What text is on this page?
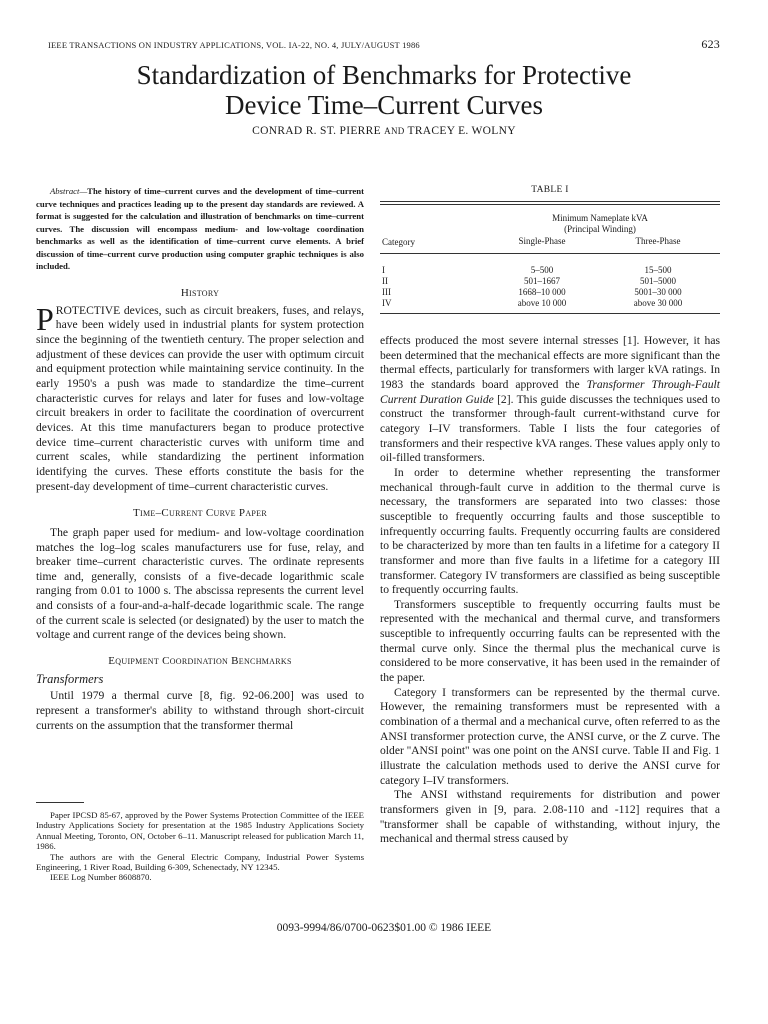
IEEE TRANSACTIONS ON INDUSTRY APPLICATIONS, VOL. IA-22, NO. 4, JULY/AUGUST 1986	623
Standardization of Benchmarks for Protective
Device Time–Current Curves
CONRAD R. ST. PIERRE AND TRACEY E. WOLNY

Abstract—The history of time–current curves and the development of time–current curve techniques and practices leading up to the present day standards are reviewed. A format is suggested for the calculation and illustration of benchmarks on time–current curves. The discussion will encompass medium- and low-voltage coordination benchmarks as well as the identification of time–current curve elements. A brief discussion of time–current curve production using computer graphic techniques is also included.

History

PROTECTIVE devices, such as circuit breakers, fuses, and relays, have been widely used in industrial plants for system protection since the beginning of the twentieth century. The proper selection and adjustment of these devices can provide the user with optimum circuit and equipment protection while maintaining service continuity. In the early 1950's a push was made to standardize the time–current characteristic curves for relays and later for fuses and low-voltage circuit breakers in order to facilitate the coordination of overcurrent devices. At this time manufacturers began to produce protective device time–current characteristic curves with uniform time and current scales, while standardizing the pertinent information identifying the curves. These efforts constitute the basis for the present-day development of time–current characteristic curves.

Time–Current Curve Paper

The graph paper used for medium- and low-voltage coordination matches the log–log scales manufacturers use for fuse, relay, and breaker time–current characteristic curves. The ordinate represents time and, generally, consists of a five-decade logarithmic scale ranging from 0.01 to 1000 s. The abscissa represents the current level and consists of a four-and-a-half-decade logarithmic scale. The range of the current scale is selected (or designated) by the user to match the voltage and current range of the devices being shown.

Equipment Coordination Benchmarks
Transformers

Until 1979 a thermal curve [8, fig. 92-06.200] was used to represent a transformer's ability to withstand through short-circuit currents on the assumption that the transformer thermal

Paper IPCSD 85-67, approved by the Power Systems Protection Committee of the IEEE Industry Applications Society for presentation at the 1985 Industry Applications Society Annual Meeting, Toronto, ON, October 6–11. Manuscript released for publication March 11, 1986.

The authors are with the General Electric Company, Industrial Power Systems Engineering, 1 River Road, Building 6-309, Schenectady, NY 12345.

IEEE Log Number 8608870.

TABLE I
Minimum Nameplate kVA
(Principal Winding)
Category	Single-Phase	Three-Phase
I	5–500	15–500
II	501–1667	501–5000
III	1668–10 000	5001–30 000
IV	above 10 000	above 30 000

effects produced the most severe internal stresses [1]. However, it has been determined that the mechanical effects are more significant than the thermal effects, particularly for transformers with larger kVA ratings. In 1983 the standards board approved the Transformer Through-Fault Current Duration Guide [2]. This guide discusses the techniques used to construct the transformer through-fault current-withstand curve for category I–IV transformers. Table I lists the four categories of transformers and their respective kVA ranges. These values apply only to oil-filled transformers.

In order to determine whether representing the transformer mechanical through-fault curve in addition to the thermal curve is necessary, the transformers are separated into two classes: those susceptible to frequently occurring faults and those susceptible to infrequently occurring faults. Frequently occurring faults are considered to be characterized by more than ten faults in a lifetime for a category II transformer and more than five faults in a lifetime for a category III transformer. Category IV transformers are classified as being susceptible to frequently occurring faults.

Transformers susceptible to frequently occurring faults must be represented with the mechanical and thermal curve, and transformers susceptible to infrequently occurring faults can be represented with the thermal curve only. Since the thermal plus the mechanical curve is considered to be more conservative, it has been used in the remainder of the paper.

Category I transformers can be represented by the thermal curve. However, the remaining transformers must be represented with a combination of a thermal and a mechanical curve, often referred to as the ANSI transformer protection curve, the ANSI curve, or the Z curve. The older ''ANSI point'' was one point on the ANSI curve. Table II and Fig. 1 illustrate the calculation methods used to derive the ANSI curve for category I–IV transformers.

The ANSI withstand requirements for distribution and power transformers given in [9, para. 2.08-110 and -112] requires that a ''transformer shall be capable of withstanding, without injury, the mechanical and thermal stress caused by

0093-9994/86/0700-0623$01.00 © 1986 IEEE
